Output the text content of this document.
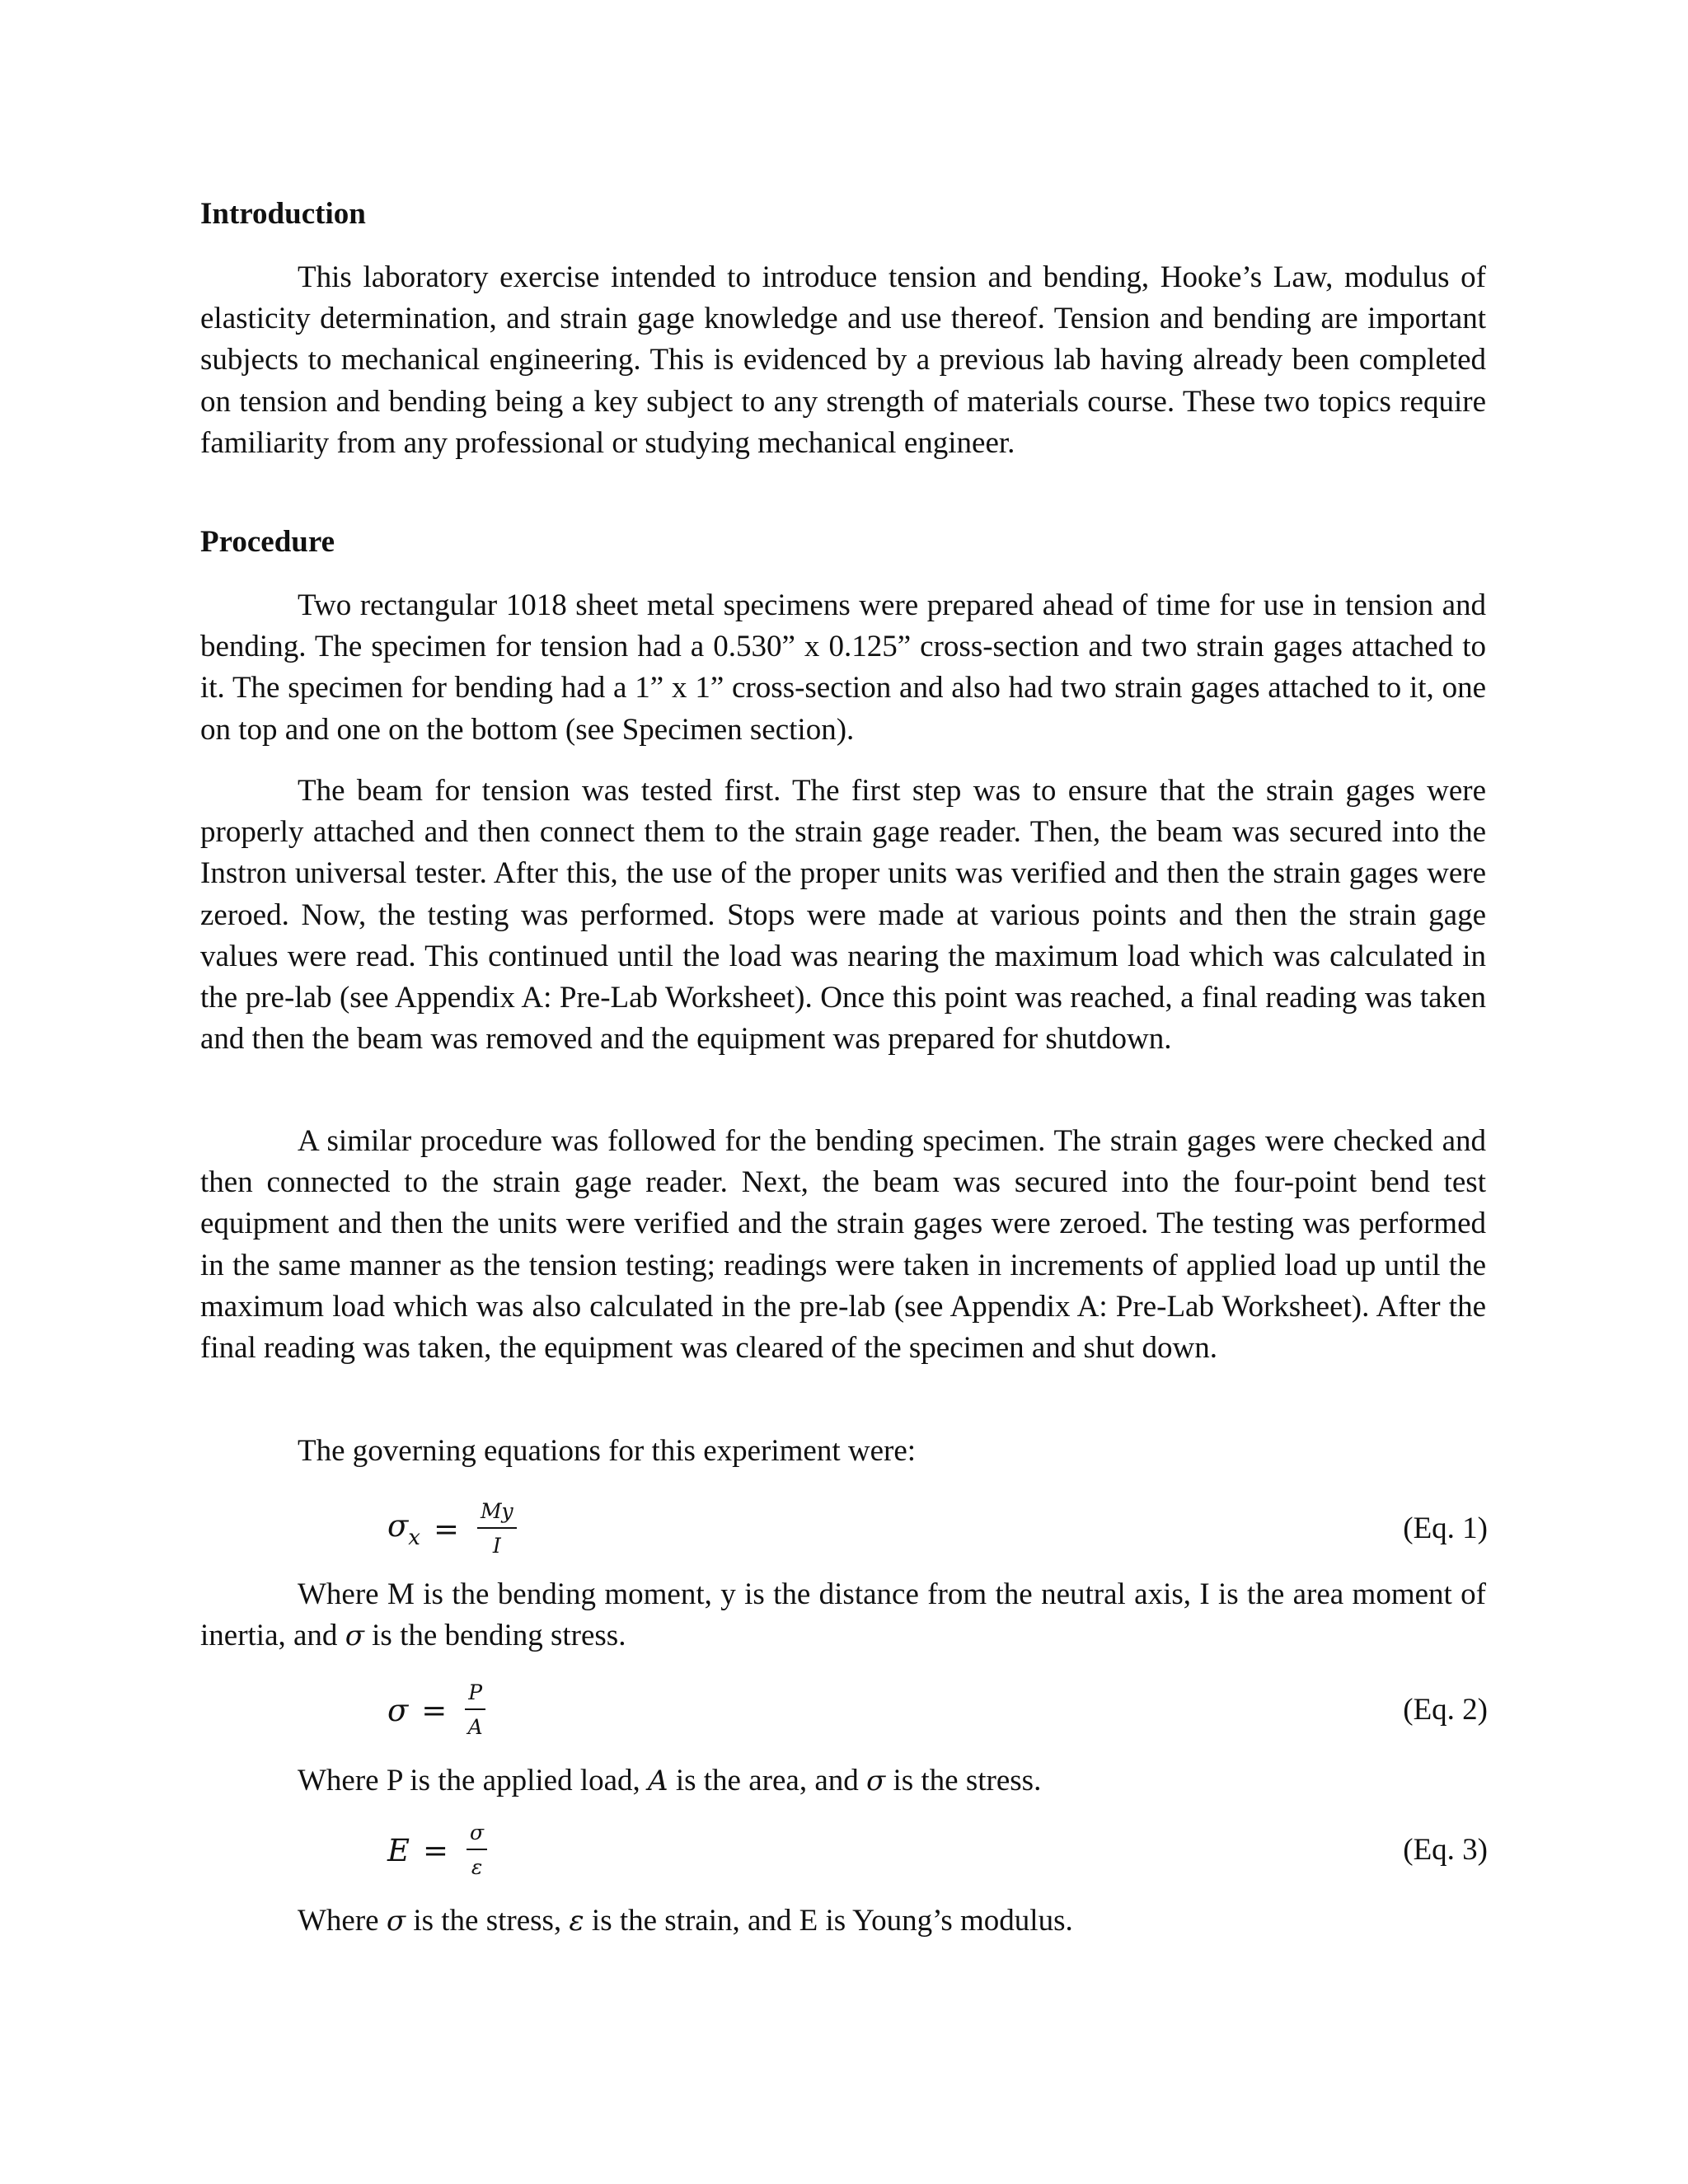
Introduction

This laboratory exercise intended to introduce tension and bending, Hooke’s Law, modulus of elasticity determination, and strain gage knowledge and use thereof. Tension and bending are important subjects to mechanical engineering. This is evidenced by a previous lab having already been completed on tension and bending being a key subject to any strength of materials course. These two topics require familiarity from any professional or studying mechanical engineer.

Procedure

Two rectangular 1018 sheet metal specimens were prepared ahead of time for use in tension and bending. The specimen for tension had a 0.530” x 0.125” cross-section and two strain gages attached to it. The specimen for bending had a 1” x 1” cross-section and also had two strain gages attached to it, one on top and one on the bottom (see Specimen section).

The beam for tension was tested first. The first step was to ensure that the strain gages were properly attached and then connect them to the strain gage reader. Then, the beam was secured into the Instron universal tester. After this, the use of the proper units was verified and then the strain gages were zeroed. Now, the testing was performed. Stops were made at various points and then the strain gage values were read. This continued until the load was nearing the maximum load which was calculated in the pre-lab (see Appendix A: Pre-Lab Worksheet). Once this point was reached, a final reading was taken and then the beam was removed and the equipment was prepared for shutdown.

A similar procedure was followed for the bending specimen. The strain gages were checked and then connected to the strain gage reader. Next, the beam was secured into the four-point bend test equipment and then the units were verified and the strain gages were zeroed. The testing was performed in the same manner as the tension testing; readings were taken in increments of applied load up until the maximum load which was also calculated in the pre-lab (see Appendix A: Pre-Lab Worksheet). After the final reading was taken, the equipment was cleared of the specimen and shut down.

The governing equations for this experiment were:

$\sigma_x = \frac{My}{I}$	(Eq. 1)

Where M is the bending moment, y is the distance from the neutral axis, I is the area moment of inertia, and σ is the bending stress.

$\sigma = \frac{P}{A}$	(Eq. 2)

Where P is the applied load, A is the area, and σ is the stress.

$E = \frac{\sigma}{\varepsilon}$	(Eq. 3)

Where σ is the stress, ε is the strain, and E is Young’s modulus.
